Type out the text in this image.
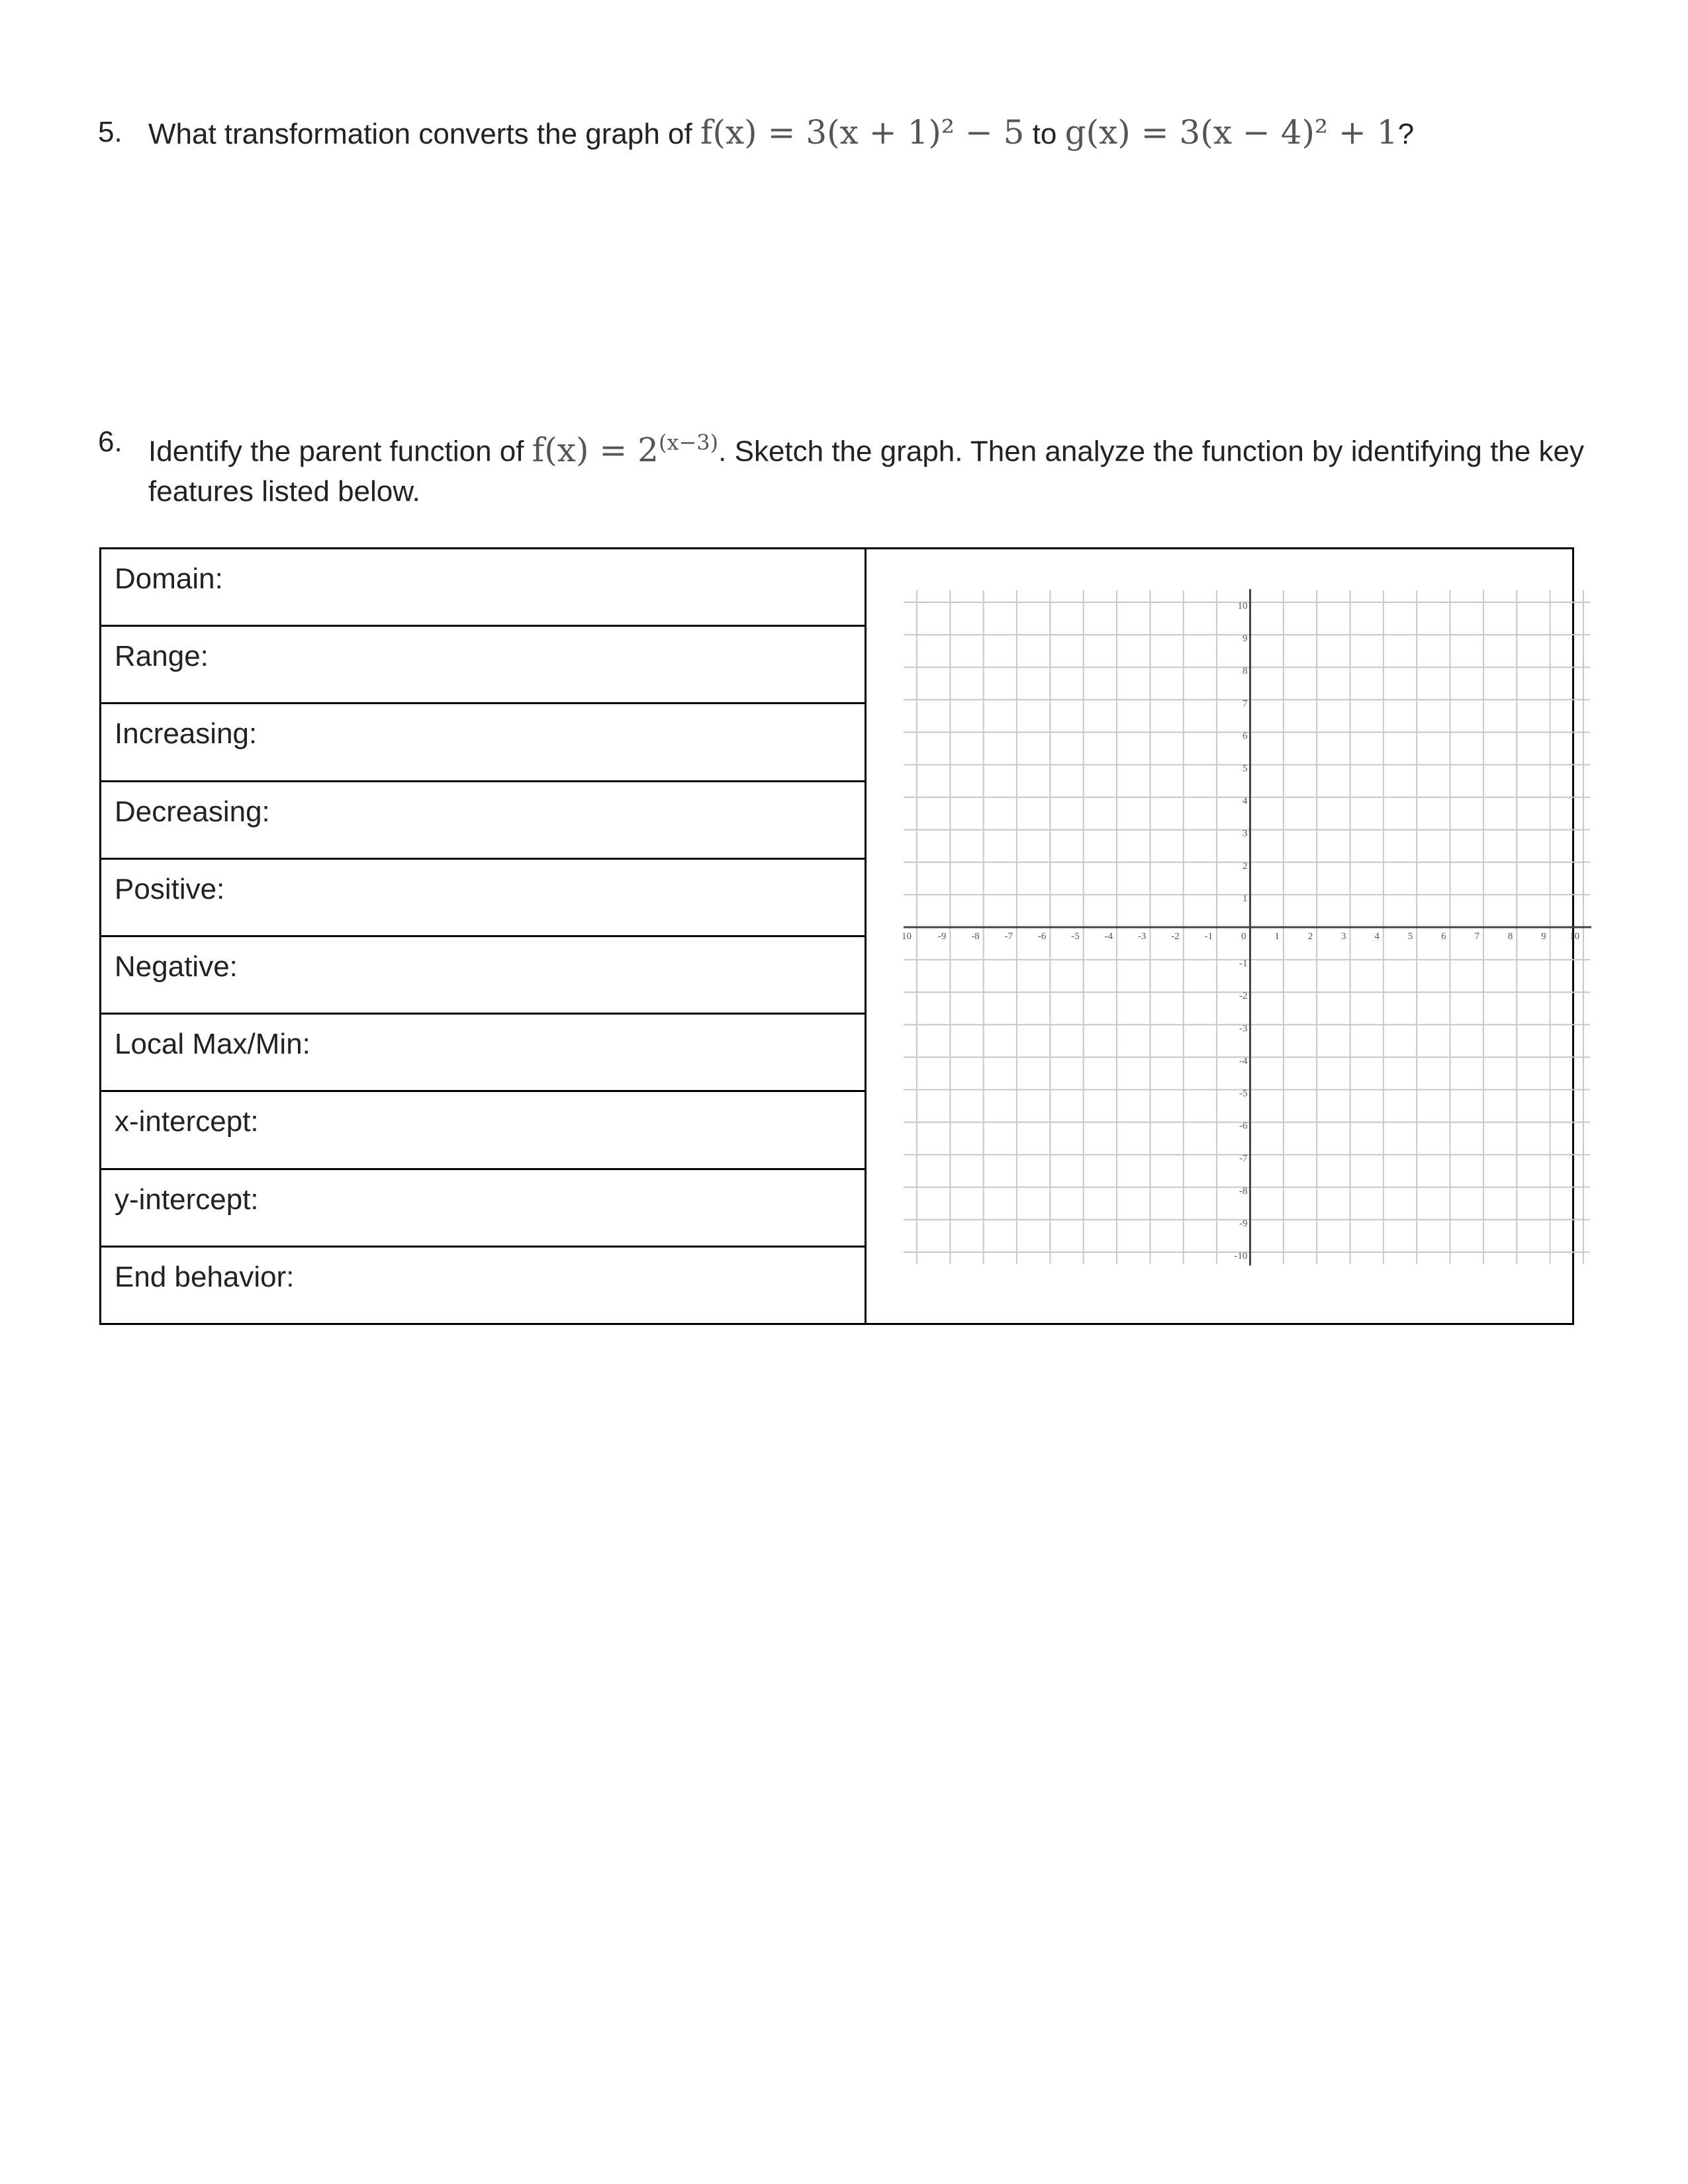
5. What transformation converts the graph of f(x) = 3(x + 1)² − 5 to g(x) = 3(x − 4)² + 1?
6. Identify the parent function of $f(x) = 2^{(x-3)}$. Sketch the graph. Then analyze the function by identifying the key features listed below.
Domain:	
10	-9	-8	-7	-6	-5	-4	-3	-2	-1	0	1	2	3	4	5	6	7	8	9 10
10
9
8
7
6
5
4
3
2
1
-1
-2
-3
-4
-5
-6
-7
-8
-9
-10

Range:
Increasing:
Decreasing:
Positive:
Negative:
Local Max/Min:
x-intercept:
y-intercept:
End behavior:
